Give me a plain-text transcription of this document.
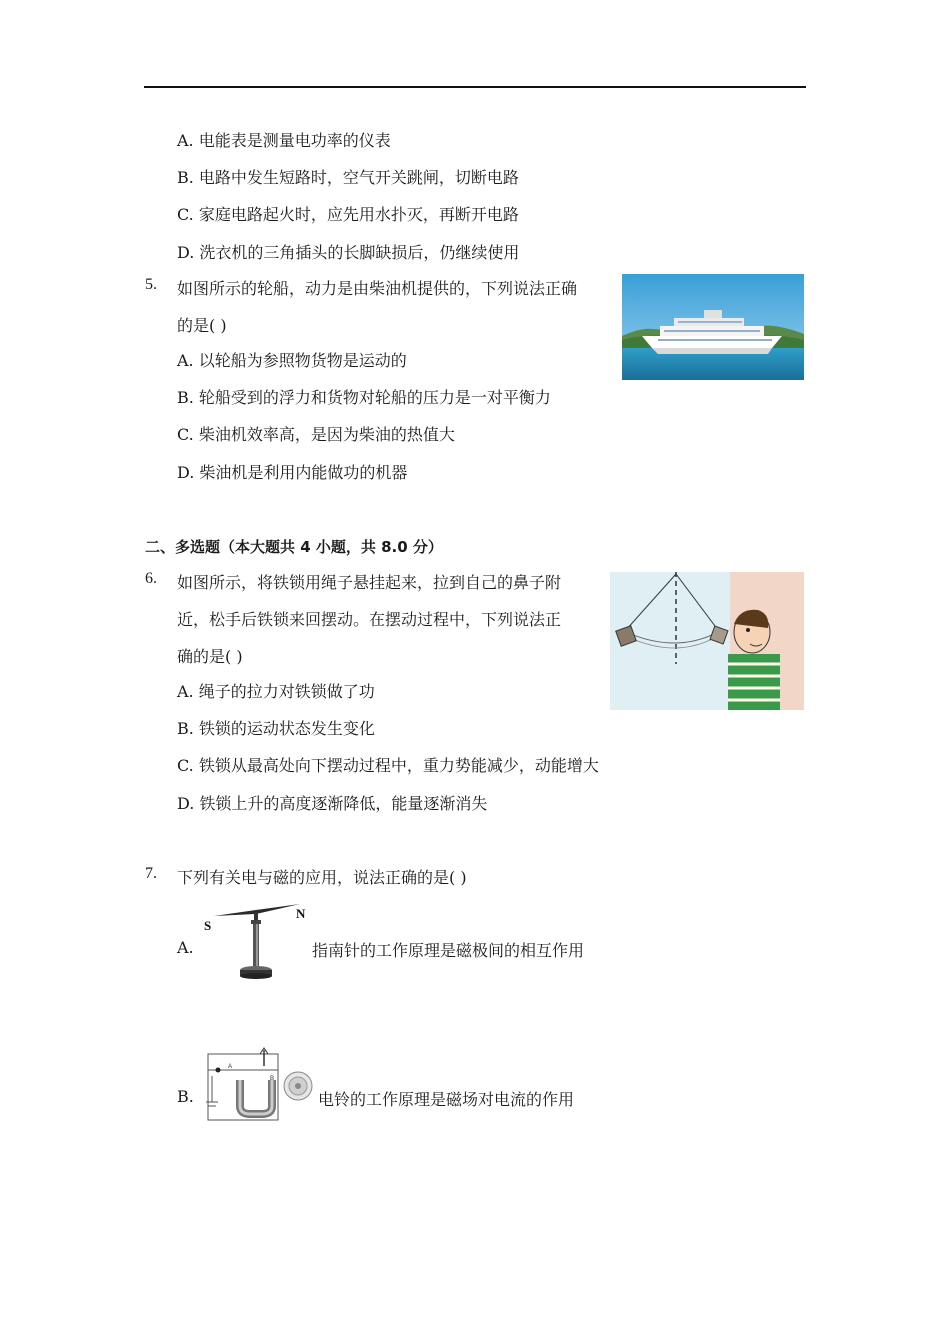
A. 电能表是测量电功率的仪表
B. 电路中发生短路时，空气开关跳闸，切断电路
C. 家庭电路起火时，应先用水扑灭，再断开电路
D. 洗衣机的三角插头的长脚缺损后，仍继续使用
5. 如图所示的轮船，动力是由柴油机提供的，下列说法正确
的是( )
A. 以轮船为参照物货物是运动的
B. 轮船受到的浮力和货物对轮船的压力是一对平衡力
C. 柴油机效率高，是因为柴油的热值大
D. 柴油机是利用内能做功的机器
二、多选题（本大题共 4 小题，共 8.0 分）
6. 如图所示，将铁锁用绳子悬挂起来，拉到自己的鼻子附
近，松手后铁锁来回摆动。在摆动过程中，下列说法正
确的是( )
A. 绳子的拉力对铁锁做了功
B. 铁锁的运动状态发生变化
C. 铁锁从最高处向下摆动过程中，重力势能减少，动能增大
D. 铁锁上升的高度逐渐降低，能量逐渐消失
7. 下列有关电与磁的应用，说法正确的是( )
A.
S
N
指南针的工作原理是磁极间的相互作用
B.
A
B
电铃的工作原理是磁场对电流的作用
